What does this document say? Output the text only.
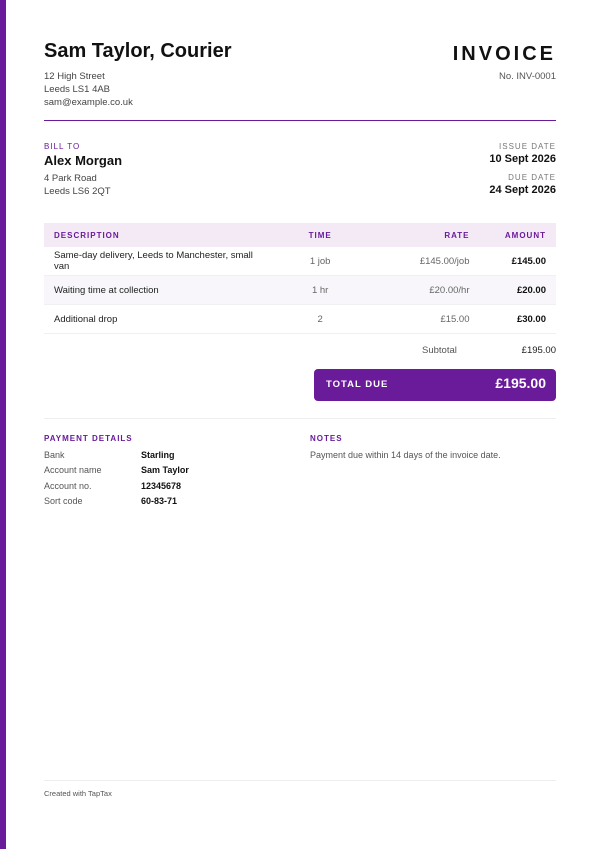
Sam Taylor, Courier
12 High Street
Leeds LS1 4AB
sam@example.co.uk
INVOICE
No. INV-0001
BILL TO
Alex Morgan
4 Park Road
Leeds LS6 2QT
ISSUE DATE
10 Sept 2026
DUE DATE
24 Sept 2026
DESCRIPTION	TIME	RATE	AMOUNT
Same-day delivery, Leeds to Manchester, small van	1 job	£145.00/job	£145.00
Waiting time at collection	1 hr	£20.00/hr	£20.00
Additional drop	2	£15.00	£30.00
Subtotal	£195.00
TOTAL DUE	£195.00
PAYMENT DETAILS
Bank	Starling
Account name	Sam Taylor
Account no.	12345678
Sort code	60-83-71
NOTES
Payment due within 14 days of the invoice date.
Created with TapTax
